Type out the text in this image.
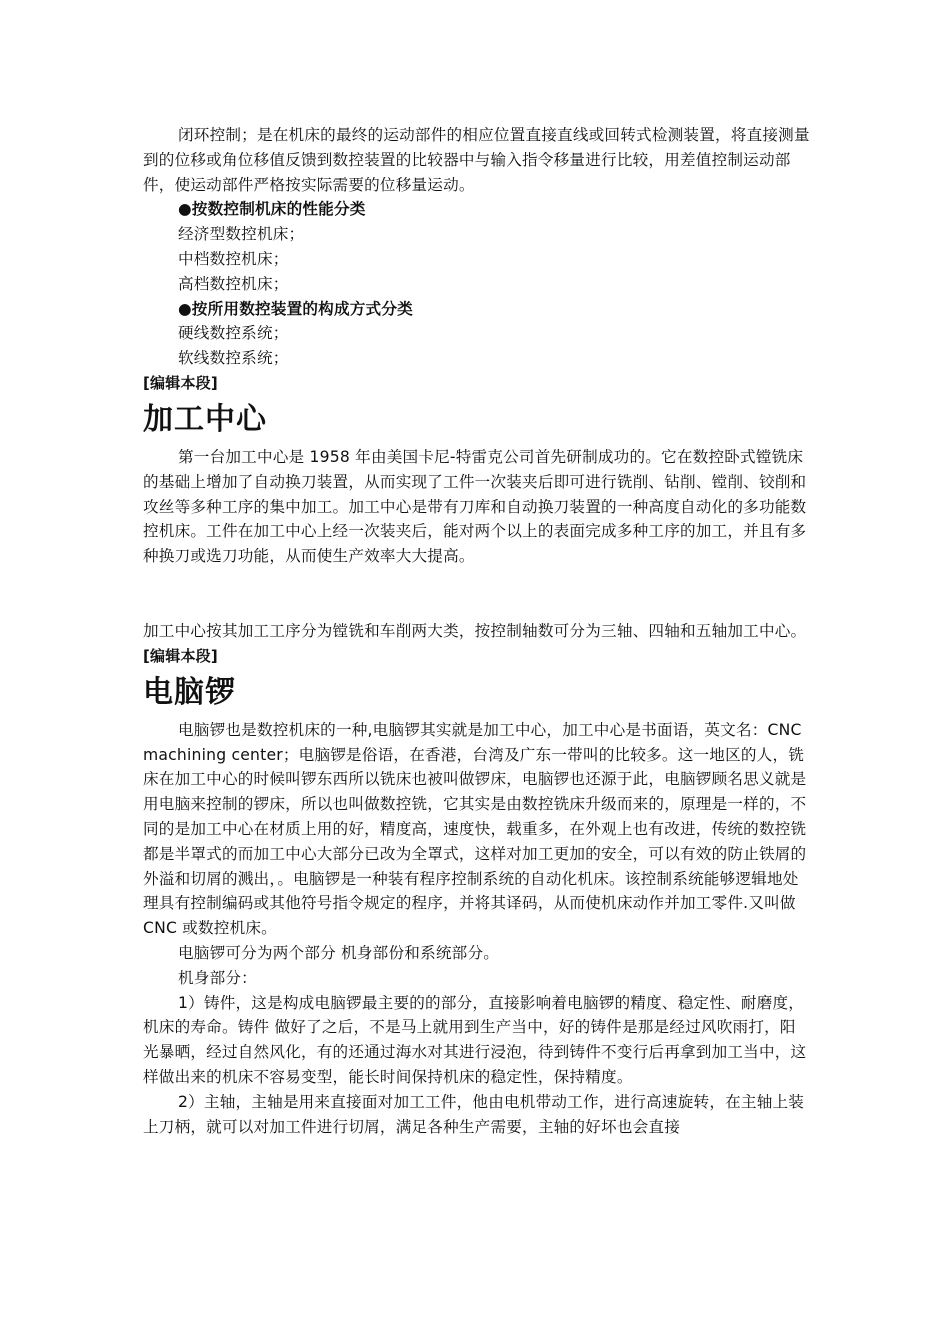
闭环控制；是在机床的最终的运动部件的相应位置直接直线或回转式检测装置，将直接测量到的位移或角位移值反馈到数控装置的比较器中与输入指令移量进行比较，用差值控制运动部件，使运动部件严格按实际需要的位移量运动。

●按数控制机床的性能分类

经济型数控机床；

中档数控机床；

高档数控机床；

●按所用数控装置的构成方式分类

硬线数控系统；

软线数控系统；

[编辑本段]

加工中心

第一台加工中心是 1958 年由美国卡尼-特雷克公司首先研制成功的。它在数控卧式镗铣床的基础上增加了自动换刀装置，从而实现了工件一次装夹后即可进行铣削、钻削、镗削、铰削和攻丝等多种工序的集中加工。加工中心是带有刀库和自动换刀装置的一种高度自动化的多功能数控机床。工件在加工中心上经一次装夹后，能对两个以上的表面完成多种工序的加工，并且有多种换刀或选刀功能，从而使生产效率大大提高。

加工中心按其加工工序分为镗铣和车削两大类，按控制轴数可分为三轴、四轴和五轴加工中心。

[编辑本段]

电脑锣

电脑锣也是数控机床的一种,电脑锣其实就是加工中心，加工中心是书面语，英文名：CNC machining center；电脑锣是俗语，在香港，台湾及广东一带叫的比较多。这一地区的人，铣床在加工中心的时候叫锣东西所以铣床也被叫做锣床，电脑锣也还源于此，电脑锣顾名思义就是用电脑来控制的锣床，所以也叫做数控铣，它其实是由数控铣床升级而来的，原理是一样的，不同的是加工中心在材质上用的好，精度高，速度快，载重多，在外观上也有改进，传统的数控铣都是半罩式的而加工中心大部分已改为全罩式，这样对加工更加的安全，可以有效的防止铁屑的外溢和切屑的溅出，。电脑锣是一种装有程序控制系统的自动化机床。该控制系统能够逻辑地处理具有控制编码或其他符号指令规定的程序，并将其译码，从而使机床动作并加工零件.又叫做 CNC 或数控机床。

电脑锣可分为两个部分 机身部份和系统部分。

机身部分：

1）铸件，这是构成电脑锣最主要的的部分，直接影响着电脑锣的精度、稳定性、耐磨度，机床的寿命。铸件 做好了之后，不是马上就用到生产当中，好的铸件是那是经过风吹雨打，阳光暴晒，经过自然风化，有的还通过海水对其进行浸泡，待到铸件不变行后再拿到加工当中，这样做出来的机床不容易变型，能长时间保持机床的稳定性，保持精度。

2）主轴，主轴是用来直接面对加工工件，他由电机带动工作，进行高速旋转，在主轴上装上刀柄，就可以对加工件进行切屑，满足各种生产需要，主轴的好坏也会直接
